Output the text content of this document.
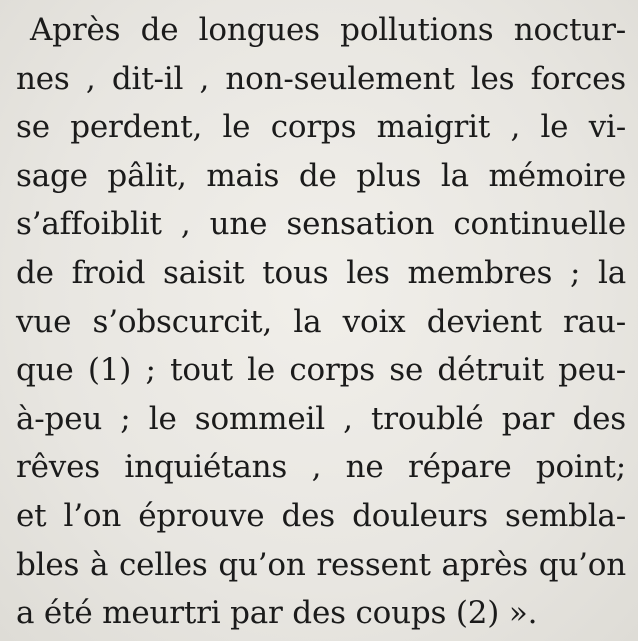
Après de longues pollutions noctur-
nes , dit-il , non-seulement les forces
se perdent, le corps maigrit , le vi-
sage pâlit, mais de plus la mémoire
s’affoiblit , une sensation continuelle
de froid saisit tous les membres ; la
vue s’obscurcit, la voix devient rau-
que (1) ; tout le corps se détruit peu-
à-peu ; le sommeil , troublé par des
rêves inquiétans , ne répare point;
et l’on éprouve des douleurs sembla-
bles à celles qu’on ressent après qu’on
a été meurtri par des coups (2) ».
